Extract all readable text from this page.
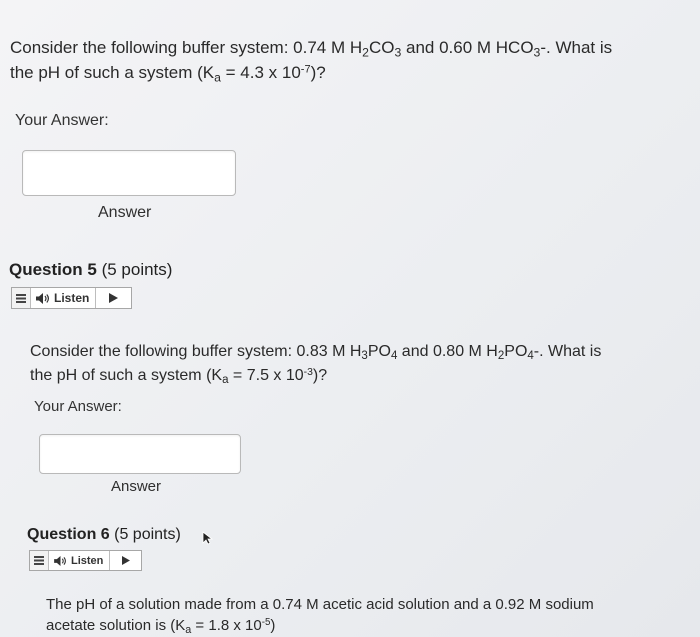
Consider the following buffer system: 0.74 M $H_2CO_3$ and 0.60 M $HCO_3-$. What is
the pH of such a system ($K_a = 4.3$ x $10^{-7}$)?
Your Answer:
Answer
Question 5 (5 points)
Listen
Consider the following buffer system: 0.83 M $H_3PO_4$ and 0.80 M $H_2PO_4-$. What is
the pH of such a system ($K_a = 7.5$ x $10^{-3}$)?
Your Answer:
Answer
Question 6 (5 points)
Listen
The pH of a solution made from a 0.74 M acetic acid solution and a 0.92 M sodium
acetate solution is ($K_a = 1.8$ x $10^{-5}$)
